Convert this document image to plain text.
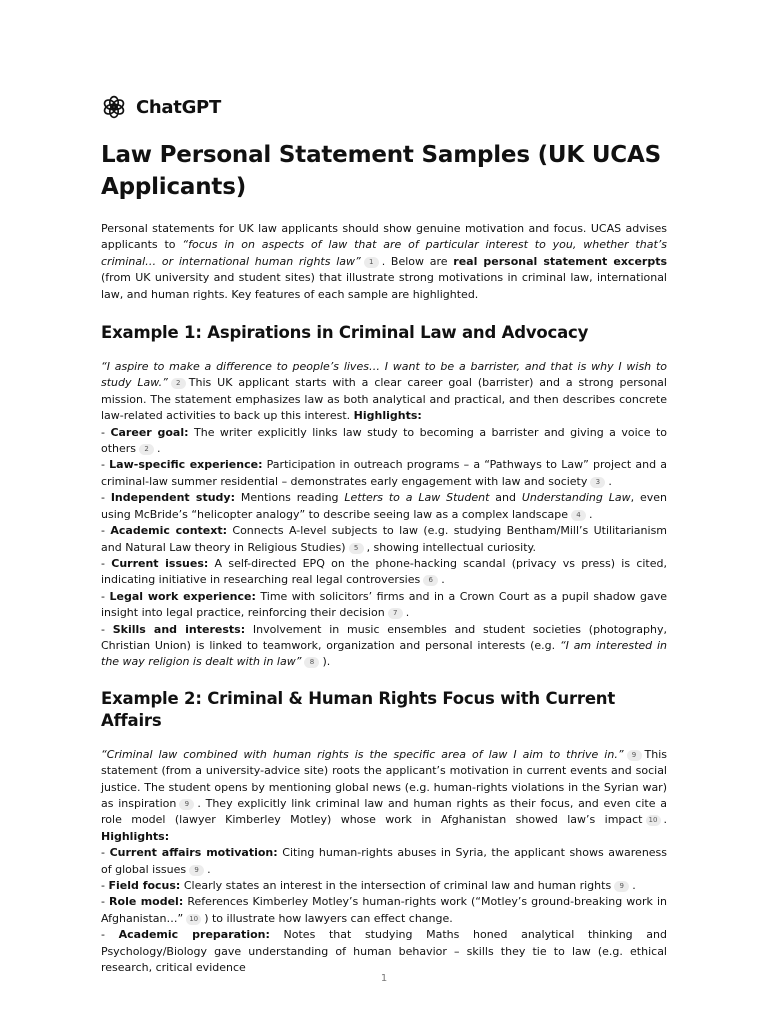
ChatGPT
Law Personal Statement Samples (UK UCAS Applicants)

Personal statements for UK law applicants should show genuine motivation and focus. UCAS advises applicants to “focus in on aspects of law that are of particular interest to you, whether that’s criminal… or international human rights law” 1 . Below are real personal statement excerpts (from UK university and student sites) that illustrate strong motivations in criminal law, international law, and human rights. Key features of each sample are highlighted.

Example 1: Aspirations in Criminal Law and Advocacy
“I aspire to make a difference to people’s lives… I want to be a barrister, and that is why I wish to study Law.” 2 This UK applicant starts with a clear career goal (barrister) and a strong personal mission. The statement emphasizes law as both analytical and practical, and then describes concrete law-related activities to back up this interest. Highlights:
- Career goal: The writer explicitly links law study to becoming a barrister and giving a voice to others 2 .
- Law-specific experience: Participation in outreach programs – a “Pathways to Law” project and a criminal-law summer residential – demonstrates early engagement with law and society 3 .
- Independent study: Mentions reading Letters to a Law Student and Understanding Law, even using McBride’s “helicopter analogy” to describe seeing law as a complex landscape 4 .
- Academic context: Connects A-level subjects to law (e.g. studying Bentham/Mill’s Utilitarianism and Natural Law theory in Religious Studies) 5 , showing intellectual curiosity.
- Current issues: A self-directed EPQ on the phone-hacking scandal (privacy vs press) is cited, indicating initiative in researching real legal controversies 6 .
- Legal work experience: Time with solicitors’ firms and in a Crown Court as a pupil shadow gave insight into legal practice, reinforcing their decision 7 .
- Skills and interests: Involvement in music ensembles and student societies (photography, Christian Union) is linked to teamwork, organization and personal interests (e.g. “I am interested in the way religion is dealt with in law” 8 ).
Example 2: Criminal & Human Rights Focus with Current Affairs
“Criminal law combined with human rights is the specific area of law I aim to thrive in.” 9 This statement (from a university-advice site) roots the applicant’s motivation in current events and social justice. The student opens by mentioning global news (e.g. human-rights violations in the Syrian war) as inspiration 9 . They explicitly link criminal law and human rights as their focus, and even cite a role model (lawyer Kimberley Motley) whose work in Afghanistan showed law’s impact 10 . Highlights:
- Current affairs motivation: Citing human-rights abuses in Syria, the applicant shows awareness of global issues 9 .
- Field focus: Clearly states an interest in the intersection of criminal law and human rights 9 .
- Role model: References Kimberley Motley’s human-rights work (“Motley’s ground-breaking work in Afghanistan…” 10 ) to illustrate how lawyers can effect change.
- Academic preparation: Notes that studying Maths honed analytical thinking and Psychology/Biology gave understanding of human behavior – skills they tie to law (e.g. ethical research, critical evidence
1
